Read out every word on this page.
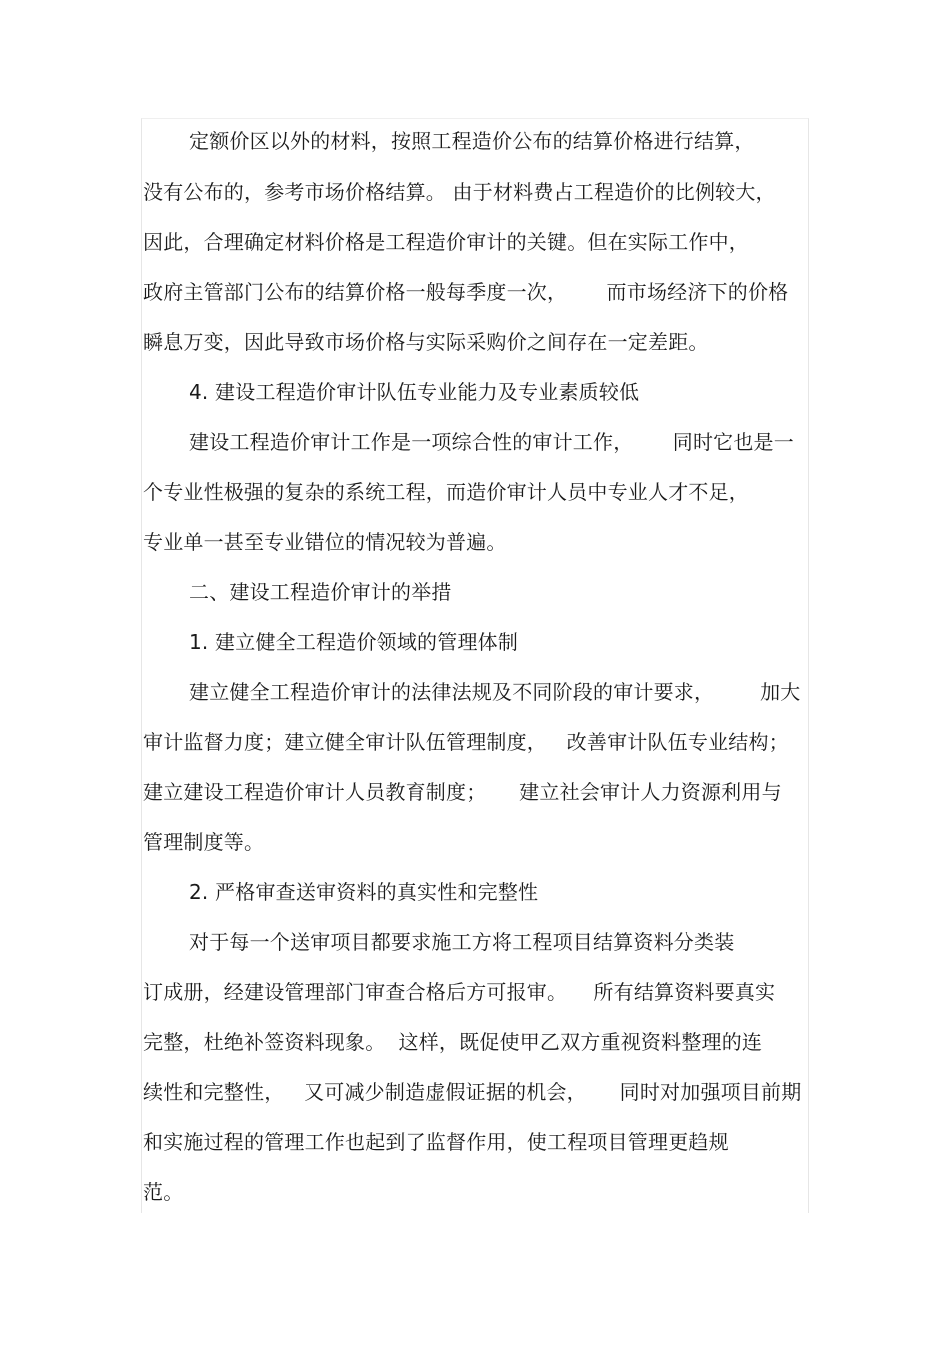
定额价区以外的材料，按照工程造价公布的结算价格进行结算，
没有公布的，参考市场价格结算。 由于材料费占工程造价的比例较大，
因此，合理确定材料价格是工程造价审计的关键。但在实际工作中，
政府主管部门公布的结算价格一般每季度一次，      而市场经济下的价格
瞬息万变，因此导致市场价格与实际采购价之间存在一定差距。
4. 建设工程造价审计队伍专业能力及专业素质较低
建设工程造价审计工作是一项综合性的审计工作，      同时它也是一
个专业性极强的复杂的系统工程，而造价审计人员中专业人才不足，
专业单一甚至专业错位的情况较为普遍。
二、建设工程造价审计的举措
1. 建立健全工程造价领域的管理体制
建立健全工程造价审计的法律法规及不同阶段的审计要求，       加大
审计监督力度；建立健全审计队伍管理制度，   改善审计队伍专业结构；
建立建设工程造价审计人员教育制度；     建立社会审计人力资源利用与
管理制度等。
2. 严格审查送审资料的真实性和完整性
对于每一个送审项目都要求施工方将工程项目结算资料分类装
订成册，经建设管理部门审查合格后方可报审。    所有结算资料要真实
完整，杜绝补签资料现象。  这样，既促使甲乙双方重视资料整理的连
续性和完整性，   又可减少制造虚假证据的机会，     同时对加强项目前期
和实施过程的管理工作也起到了监督作用，使工程项目管理更趋规
范。
